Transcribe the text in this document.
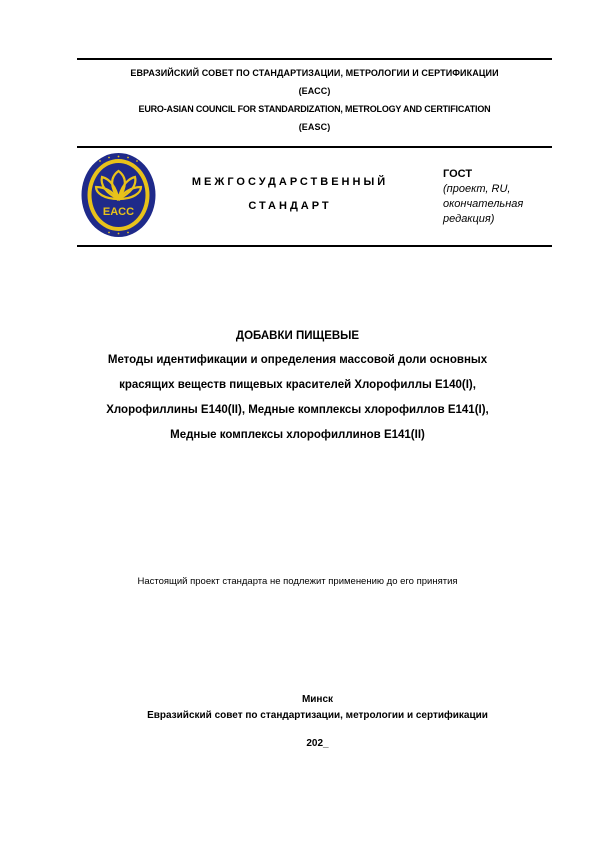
ЕВРАЗИЙСКИЙ СОВЕТ ПО СТАНДАРТИЗАЦИИ, МЕТРОЛОГИИ И СЕРТИФИКАЦИИ
(ЕАСС)
EURO-ASIAN COUNCIL FOR STANDARDIZATION, METROLOGY AND CERTIFICATION
(EASC)
EACC
МЕЖГОСУДАРСТВЕННЫЙ
СТАНДАРТ
ГОСТ
(проект, RU,
окончательная
редакция)
ДОБАВКИ ПИЩЕВЫЕ
Методы идентификации и определения массовой доли основных
красящих веществ пищевых красителей Хлорофиллы Е140(I),
Хлорофиллины Е140(II), Медные комплексы хлорофиллов Е141(I),
Медные комплексы хлорофиллинов Е141(II)
Настоящий проект стандарта не подлежит применению до его принятия
Минск
Евразийский совет по стандартизации, метрологии и сертификации
202_
